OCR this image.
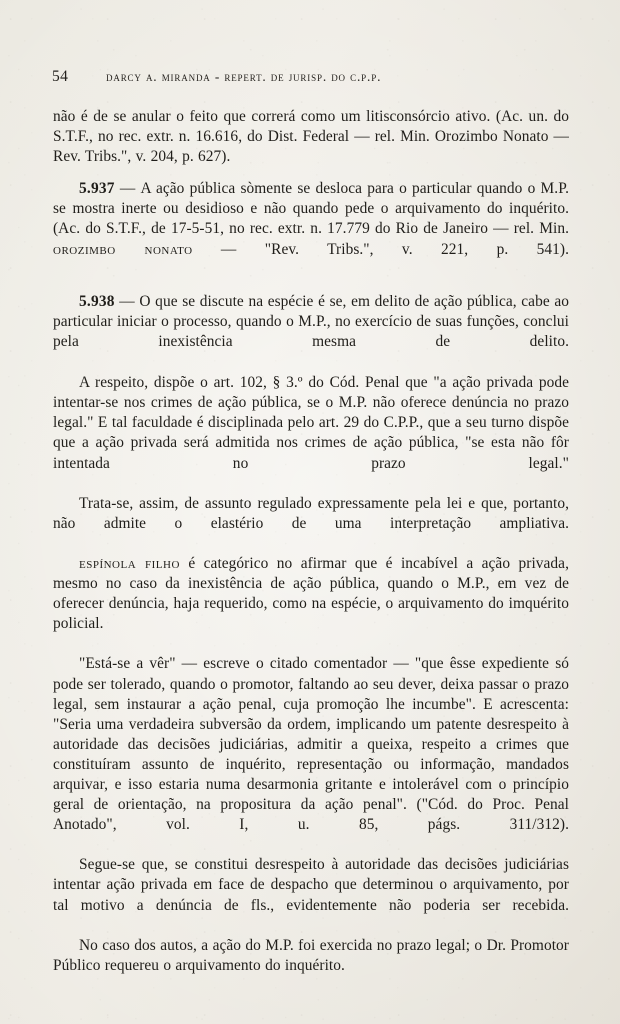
54	darcy a. miranda - repert. de jurisp. do c.p.p.

não é de se anular o feito que correrá como um litisconsórcio ativo. (Ac. un. do S.T.F., no rec. extr. n. 16.616, do Dist. Federal — rel. Min. Orozimbo Nonato — Rev. Tribs.", v. 204, p. 627).

5.937 — A ação pública sòmente se desloca para o particular quando o M.P. se mostra inerte ou desidioso e não quando pede o arquivamento do inquérito. (Ac. do S.T.F., de 17-5-51, no rec. extr. n. 17.779 do Rio de Janeiro — rel. Min. orozimbo nonato — "Rev. Tribs.", v. 221, p. 541).

5.938 — O que se discute na espécie é se, em delito de ação pública, cabe ao particular iniciar o processo, quando o M.P., no exercício de suas funções, conclui pela inexistência mesma de delito.

A respeito, dispõe o art. 102, § 3.º do Cód. Penal que "a ação privada pode intentar-se nos crimes de ação pública, se o M.P. não oferece denúncia no prazo legal." E tal faculdade é disciplinada pelo art. 29 do C.P.P., que a seu turno dispõe que a ação privada será admitida nos crimes de ação pública, "se esta não fôr intentada no prazo legal."

Trata-se, assim, de assunto regulado expressamente pela lei e que, portanto, não admite o elastério de uma interpretação ampliativa.

espínola filho é categórico no afirmar que é incabível a ação privada, mesmo no caso da inexistência de ação pública, quando o M.P., em vez de oferecer denúncia, haja requerido, como na espécie, o arquivamento do imquérito policial.

"Está-se a vêr" — escreve o citado comentador — "que êsse expediente só pode ser tolerado, quando o promotor, faltando ao seu dever, deixa passar o prazo legal, sem instaurar a ação penal, cuja promoção lhe incumbe". E acrescenta: "Seria uma verdadeira subversão da ordem, implicando um patente desrespeito à autoridade das decisões judiciárias, admitir a queixa, respeito a crimes que constituíram assunto de inquérito, representação ou informação, mandados arquivar, e isso estaria numa desarmonia gritante e intolerável com o princípio geral de orientação, na propositura da ação penal". ("Cód. do Proc. Penal Anotado", vol. I, u. 85, págs. 311/312).

Segue-se que, se constitui desrespeito à autoridade das decisões judiciárias intentar ação privada em face de despacho que determinou o arquivamento, por tal motivo a denúncia de fls., evidentemente não poderia ser recebida.

No caso dos autos, a ação do M.P. foi exercida no prazo legal; o Dr. Promotor Público requereu o arquivamento do inquérito.
